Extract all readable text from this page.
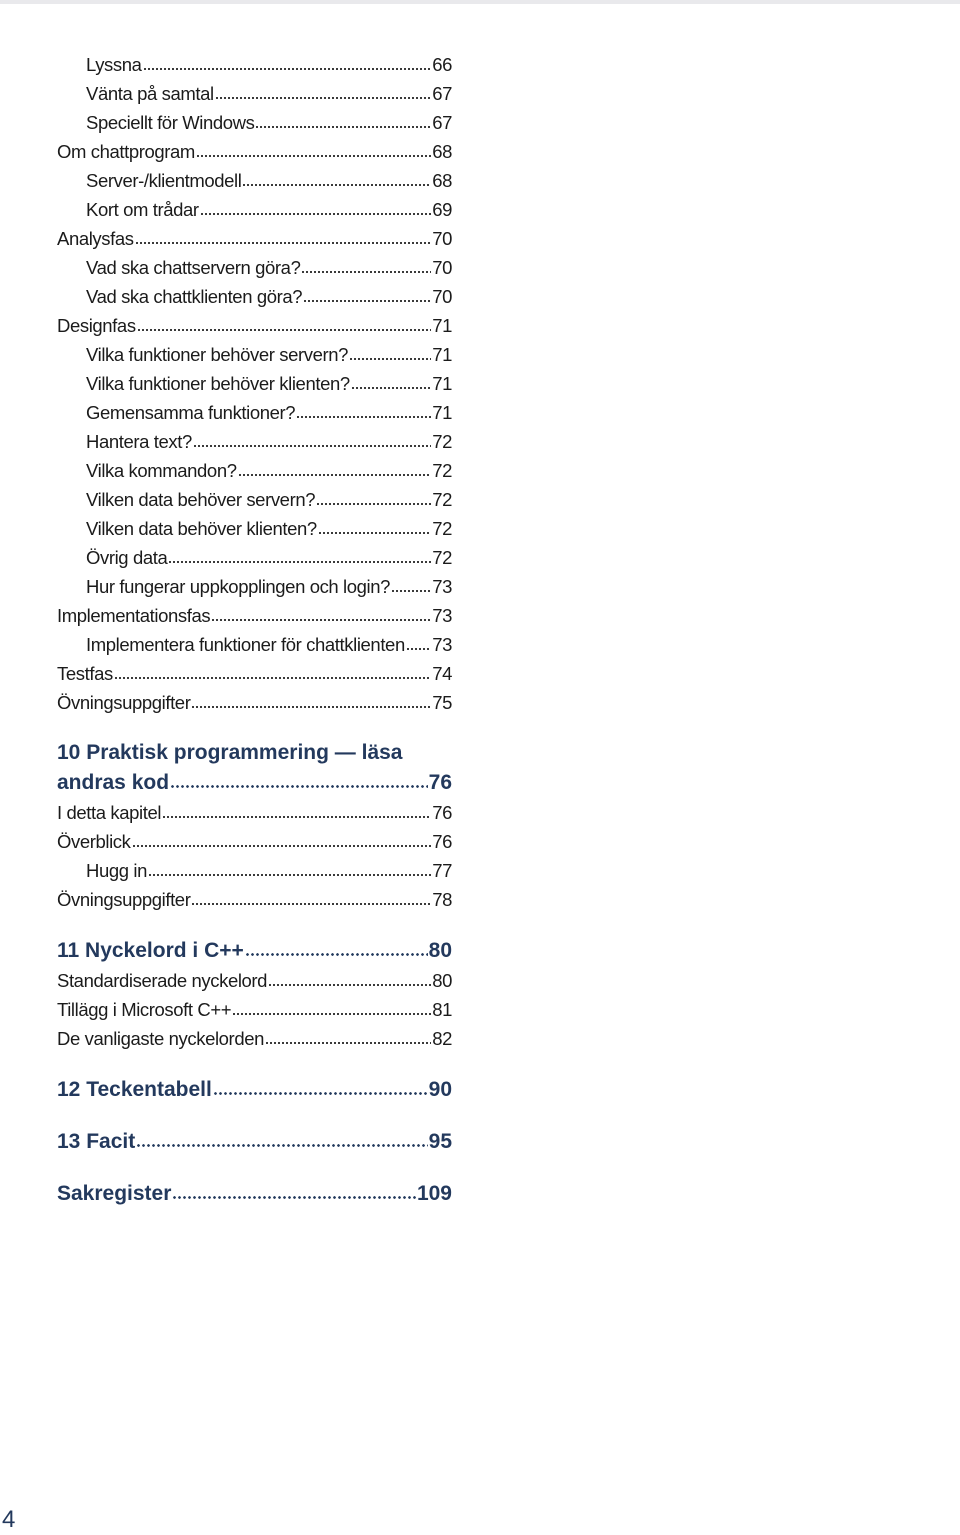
Lyssna	66
Vänta på samtal	67
Speciellt för Windows	67
Om chattprogram	68
Server-/klientmodell	68
Kort om trådar	69
Analysfas	70
Vad ska chattservern göra?	70
Vad ska chattklienten göra?	70
Designfas	71
Vilka funktioner behöver servern?	71
Vilka funktioner behöver klienten?	71
Gemensamma funktioner?	71
Hantera text?	72
Vilka kommandon?	72
Vilken data behöver servern?	72
Vilken data behöver klienten?	72
Övrig data	72
Hur fungerar uppkopplingen och login? 73
Implementationsfas	73
Implementera funktioner för chattklienten 73
Testfas	74
Övningsuppgifter	75
10 Praktisk programmering — läsa
andras kod	76
I detta kapitel	76
Överblick	76
Hugg in	77
Övningsuppgifter	78
11 Nyckelord i C++	80
Standardiserade nyckelord	80
Tillägg i Microsoft C++	81
De vanligaste nyckelorden	82
12 Teckentabell	90
13 Facit	95
Sakregister	109
4
